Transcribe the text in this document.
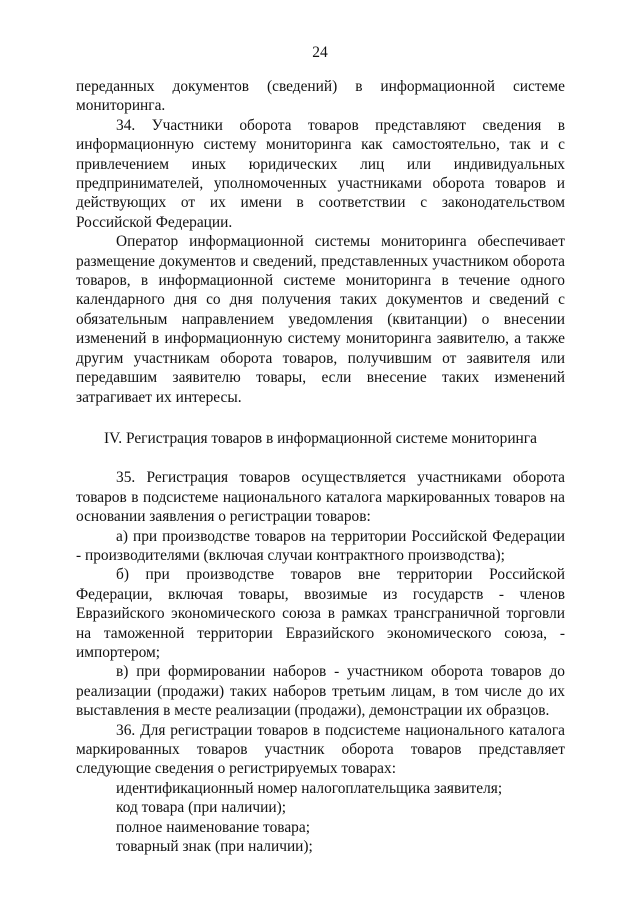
24

переданных документов (сведений) в информационной системе мониторинга.

34. Участники оборота товаров представляют сведения в информационную систему мониторинга как самостоятельно, так и с привлечением иных юридических лиц или индивидуальных предпринимателей, уполномоченных участниками оборота товаров и действующих от их имени в соответствии с законодательством Российской Федерации.

Оператор информационной системы мониторинга обеспечивает размещение документов и сведений, представленных участником оборота товаров, в информационной системе мониторинга в течение одного календарного дня со дня получения таких документов и сведений с обязательным направлением уведомления (квитанции) о внесении изменений в информационную систему мониторинга заявителю, а также другим участникам оборота товаров, получившим от заявителя или передавшим заявителю товары, если внесение таких изменений затрагивает их интересы.

IV. Регистрация товаров в информационной системе мониторинга

35. Регистрация товаров осуществляется участниками оборота товаров в подсистеме национального каталога маркированных товаров на основании заявления о регистрации товаров:

а) при производстве товаров на территории Российской Федерации - производителями (включая случаи контрактного производства);

б) при производстве товаров вне территории Российской Федерации, включая товары, ввозимые из государств - членов Евразийского экономического союза в рамках трансграничной торговли на таможенной территории Евразийского экономического союза, - импортером;

в) при формировании наборов - участником оборота товаров до реализации (продажи) таких наборов третьим лицам, в том числе до их выставления в месте реализации (продажи), демонстрации их образцов.

36. Для регистрации товаров в подсистеме национального каталога маркированных товаров участник оборота товаров представляет следующие сведения о регистрируемых товарах:

идентификационный номер налогоплательщика заявителя;

код товара (при наличии);

полное наименование товара;

товарный знак (при наличии);
